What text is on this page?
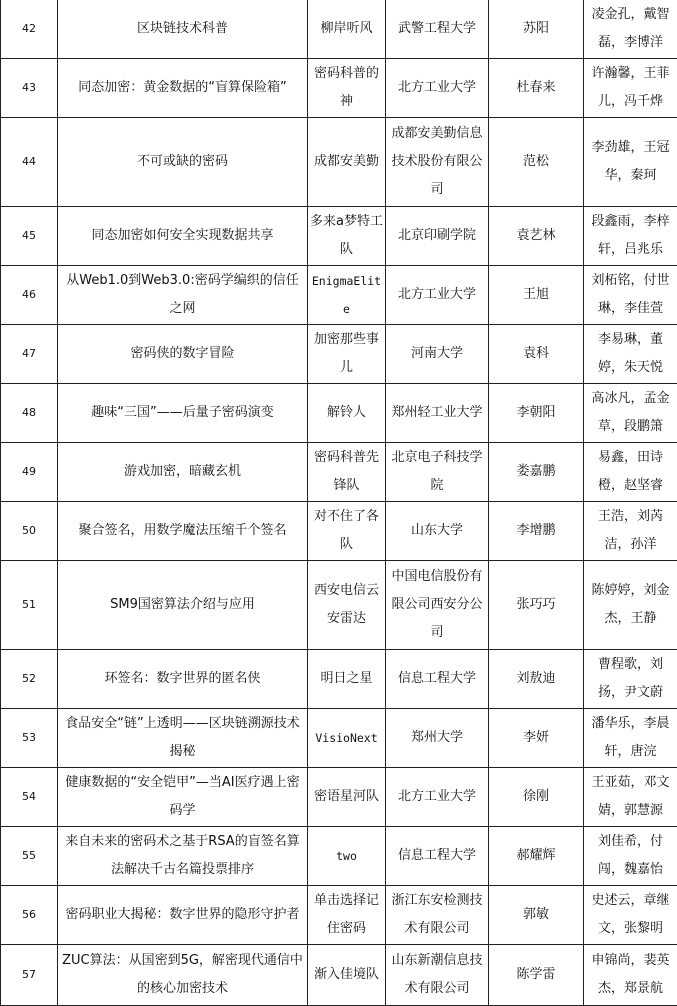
42	区块链技术科普	柳岸听风	武警工程大学	苏阳	凌金孔，戴智磊，李博洋
43	同态加密：黄金数据的“盲算保险箱”	密码科普的神	北方工业大学	杜春来	许瀚馨，王菲儿，冯千烨
44	不可或缺的密码	成都安美勤	成都安美勤信息技术股份有限公司	范松	李劲雄，王冠华，秦珂
45	同态加密如何安全实现数据共享	多来a梦特工队	北京印刷学院	袁艺林	段鑫雨，李梓轩，吕兆乐
46	从Web1.0到Web3.0:密码学编织的信任之网	EnigmaElite	北方工业大学	王旭	刘柘铭，付世琳，李佳萱
47	密码侠的数字冒险	加密那些事儿	河南大学	袁科	李易琳，董婷，朱天悦
48	趣味“三国”——后量子密码演变	解铃人	郑州轻工业大学	李朝阳	高冰凡，孟金草，段鹏箫
49	游戏加密，暗藏玄机	密码科普先锋队	北京电子科技学院	娄嘉鹏	易鑫，田诗橙，赵坚睿
50	聚合签名，用数学魔法压缩千个签名	对不住了各队	山东大学	李增鹏	王浩，刘芮洁，孙洋
51	SM9国密算法介绍与应用	西安电信云安雷达	中国电信股份有限公司西安分公司	张巧巧	陈婷婷，刘金杰，王静
52	环签名：数字世界的匿名侠	明日之星	信息工程大学	刘敖迪	曹程歌，刘扬，尹文蔚
53	食品安全“链”上透明——区块链溯源技术揭秘	VisioNext	郑州大学	李妍	潘华乐，李晨轩，唐浣
54	健康数据的“安全铠甲”—当AI医疗遇上密码学	密语星河队	北方工业大学	徐刚	王亚茹，邓文婧，郭慧源
55	来自未来的密码术之基于RSA的盲签名算法解决千古名篇投票排序	two	信息工程大学	郝耀辉	刘佳希，付闯，魏嘉怡
56	密码职业大揭秘：数字世界的隐形守护者	单击选择记住密码	浙江东安检测技术有限公司	郭敏	史述云，章继文，张黎明
57	ZUC算法：从国密到5G，解密现代通信中的核心加密技术	渐入佳境队	山东新潮信息技术有限公司	陈学雷	申锦尚，裴英杰，郑景航
